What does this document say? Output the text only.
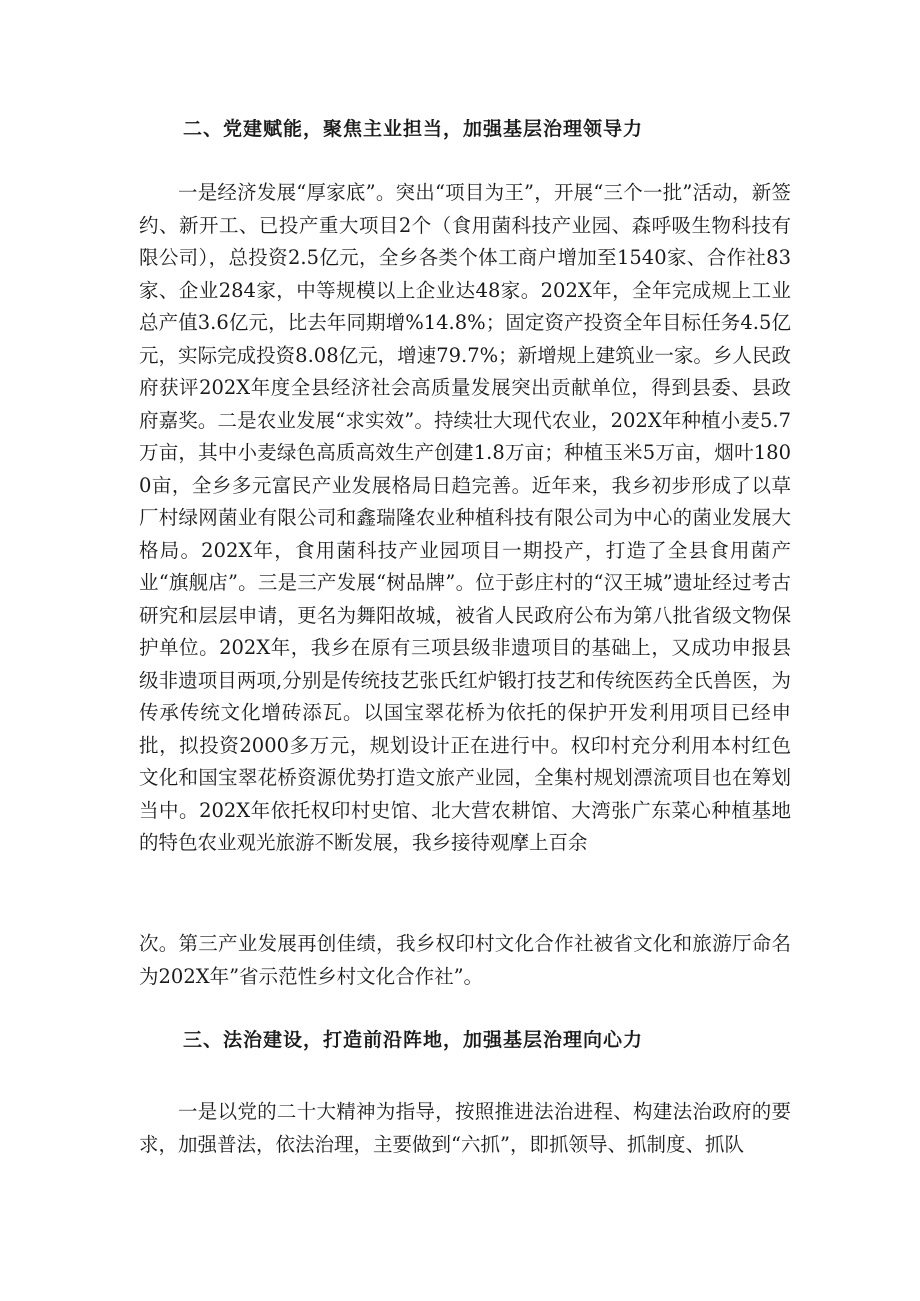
二、党建赋能，聚焦主业担当，加强基层治理领导力

一是经济发展“厚家底”。突出“项目为王”，开展“三个一批”活动，新签约、新开工、已投产重大项目2个（食用菌科技产业园、森呼吸生物科技有限公司），总投资2.5亿元，全乡各类个体工商户增加至1540家、合作社83家、企业284家，中等规模以上企业达48家。202X年，全年完成规上工业总产值3.6亿元，比去年同期增%14.8%；固定资产投资全年目标任务4.5亿元，实际完成投资8.08亿元，增速79.7%；新增规上建筑业一家。乡人民政府获评202X年度全县经济社会高质量发展突出贡献单位，得到县委、县政府嘉奖。二是农业发展“求实效”。持续壮大现代农业，202X年种植小麦5.7万亩，其中小麦绿色高质高效生产创建1.8万亩；种植玉米5万亩，烟叶1800亩，全乡多元富民产业发展格局日趋完善。近年来，我乡初步形成了以草厂村绿网菌业有限公司和鑫瑞隆农业种植科技有限公司为中心的菌业发展大格局。202X年，食用菌科技产业园项目一期投产，打造了全县食用菌产业“旗舰店”。三是三产发展“树品牌”。位于彭庄村的“汉王城”遗址经过考古研究和层层申请，更名为舞阳故城，被省人民政府公布为第八批省级文物保护单位。202X年，我乡在原有三项县级非遗项目的基础上，又成功申报县级非遗项目两项,分别是传统技艺张氏红炉锻打技艺和传统医药全氏兽医，为传承传统文化增砖添瓦。以国宝翠花桥为依托的保护开发利用项目已经申批，拟投资2000多万元，规划设计正在进行中。权印村充分利用本村红色文化和国宝翠花桥资源优势打造文旅产业园，全集村规划漂流项目也在筹划当中。202X年依托权印村史馆、北大营农耕馆、大湾张广东菜心种植基地的特色农业观光旅游不断发展，我乡接待观摩上百余

次。第三产业发展再创佳绩，我乡权印村文化合作社被省文化和旅游厅命名为202X年”省示范性乡村文化合作社”。

三、法治建设，打造前沿阵地，加强基层治理向心力

一是以党的二十大精神为指导，按照推进法治进程、构建法治政府的要求，加强普法，依法治理，主要做到“六抓”，即抓领导、抓制度、抓队
